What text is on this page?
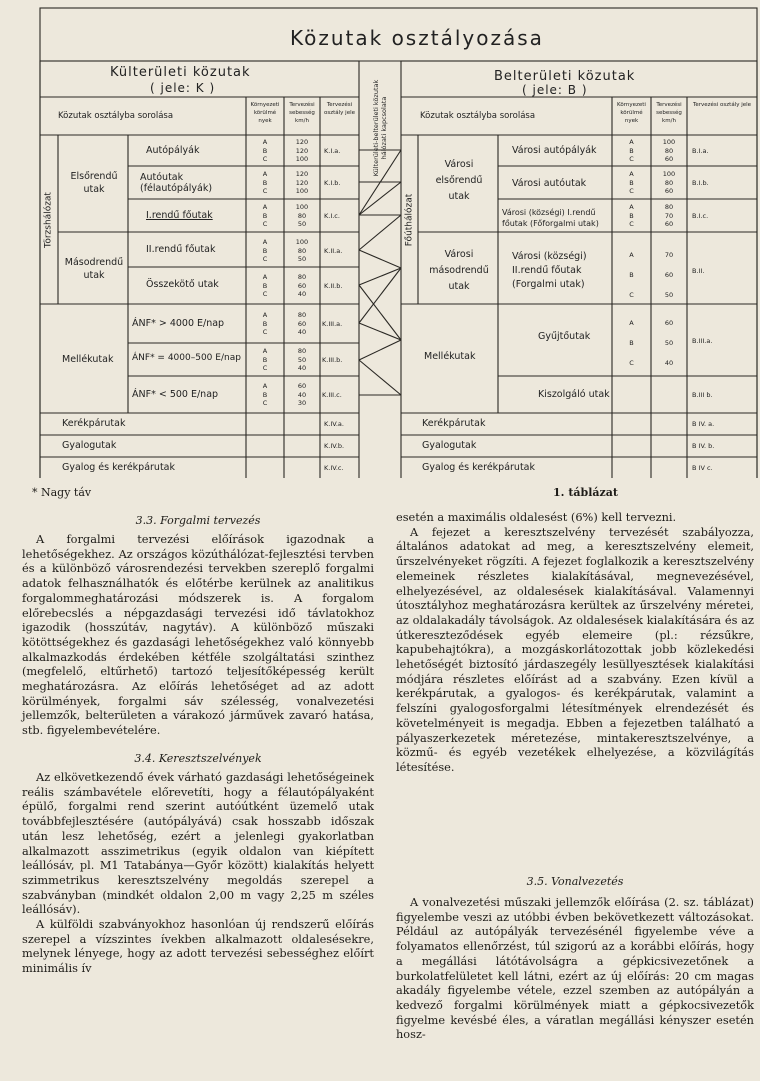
Közutak osztályozása
Külterületi közutak
( jele: K )
Közutak osztályba sorolása
Környezeti körülmé nyek
Tervezési sebesség km/h
Tervezési osztály jele
Törzshálózat
Elsőrendű utak
Másodrendű utak
Mellékutak
Autópályák
Autóutak
(félautópályák)
I.rendű főutak
II.rendű főutak
Összekötő utak
ÁNF* > 4000 E/nap
ÁNF* = 4000–500 E/nap
ÁNF* < 500 E/nap
A
B
C
A
B
C
A
B
C
A
B
C
A
B
C
A
B
C
A
B
C
A
B
C
120
120
100
120
120
100
100
80
50
100
80
50
80
60
40
80
60
40
80
50
40
60
40
30
K.I.a.
K.I.b.
K.I.c.
K.II.a.
K.II.b.
K.III.a.
K.III.b.
K.III.c.
Kerékpárutak
Gyalogutak
Gyalog és kerékpárutak
K.IV.a.
K.IV.b.
K.IV.c.
Külterületi-belterületi közutak hálózati kapcsolata
Belterületi közutak
( jele: B )
Közutak osztályba sorolása
Környezeti körülmé nyek
Tervezési sebesség km/h
Tervezési osztály jele
Főúthálózat
Városi elsőrendű utak
Városi másodrendű utak
Mellékutak
Városi autópályák
Városi autóutak
Városi (községi) I.rendű
főutak (Főforgalmi utak)
Városi (községi)
II.rendű főutak
(Forgalmi utak)
Gyűjtőutak
Kiszolgáló utak
A
B
C
A
B
C
A
B
C
A

B

C
A

B

C
100
80
60
100
80
60
80
70
60
70

60

50
60

50

40
B.I.a.
B.I.b.
B.I.c.
B.II.
B.III.a.
B.III b.
Kerékpárutak
Gyalogutak
Gyalog és kerékpárutak
B IV. a.
B IV. b.
B IV c.
* Nagy táv	1. táblázat
3.3. Forgalmi tervezés

A forgalmi tervezési előírások igazodnak a lehetőségekhez. Az országos közúthálózat-fejlesztési tervben és a különböző városrendezési tervekben szereplő forgalmi adatok felhasználhatók és előtérbe kerülnek az analitikus forgalommeghatározási módszerek is. A forgalom előrebecslés a népgazdasági tervezési idő távlatokhoz igazodik (hosszútáv, nagytáv). A különböző műszaki kötöttségekhez és gazdasági lehetőségekhez való könnyebb alkalmazkodás érdekében kétféle szolgáltatási szinthez (megfelelő, eltűrhető) tartozó teljesítőképesség került meghatározásra. Az előírás lehetőséget ad az adott körülmények, forgalmi sáv szélesség, vonalvezetési jellemzők, belterületen a várakozó járművek zavaró hatása, stb. figyelembevételére.

3.4. Keresztszelvények

Az elkövetkezendő évek várható gazdasági lehetőségeinek reális számbavétele előrevetíti, hogy a félautópályaként épülő, forgalmi rend szerint autóútként üzemelő utak továbbfejlesztésére (autópályává) csak hosszabb időszak után lesz lehetőség, ezért a jelenlegi gyakorlatban alkalmazott asszimetrikus (egyik oldalon van kiépített leállósáv, pl. M1 Tatabánya—Győr között) kialakítás helyett szimmetrikus keresztszelvény megoldás szerepel a szabványban (mindkét oldalon 2,00 m vagy 2,25 m széles leállósáv).

A külföldi szabványokhoz hasonlóan új rendszerű előírás szerepel a vízszintes ívekben alkalmazott oldalesésekre, melynek lényege, hogy az adott tervezési sebességhez előírt minimális ív

esetén a maximális oldalesést (6%) kell tervezni.

A fejezet a keresztszelvény tervezését szabályozza, általános adatokat ad meg, a keresztszelvény elemeit, űrszelvényeket rögzíti. A fejezet foglalkozik a keresztszelvény elemeinek részletes kialakításával, megnevezésével, elhelyezésével, az oldalesések kialakításával. Valamennyi útosztályhoz meghatározásra kerültek az űrszelvény méretei, az oldalakadály távolságok. Az oldalesések kialakítására és az útkereszteződések egyéb elemeire (pl.: rézsűkre, kapubehajtókra), a mozgáskorlátozottak jobb közlekedési lehetőségét biztosító járdaszegély lesüllyesztések kialakítási módjára részletes előírást ad a szabvány. Ezen kívül a kerékpárutak, a gyalogos- és kerékpárutak, valamint a felszíni gyalogosforgalmi létesítmények elrendezését és követelményeit is megadja. Ebben a fejezetben található a pályaszerkezetek méretezése, mintakeresztszelvénye, a közmű- és egyéb vezetékek elhelyezése, a közvilágítás létesítése.

3.5. Vonalvezetés

A vonalvezetési műszaki jellemzők előírása (2. sz. táblázat) figyelembe veszi az utóbbi évben bekövetkezett változásokat. Például az autópályák tervezésénél figyelembe véve a folyamatos ellenőrzést, túl szigorú az a korábbi előírás, hogy a megállási látótávolságra a gépkicsivezetőnek a burkolatfelületet kell látni, ezért az új előírás: 20 cm magas akadály figyelembe vétele, ezzel szemben az autópályán a kedvező forgalmi körülmények miatt a gépkocsivezetők figyelme kevésbé éles, a váratlan megállási kényszer esetén hosz-
